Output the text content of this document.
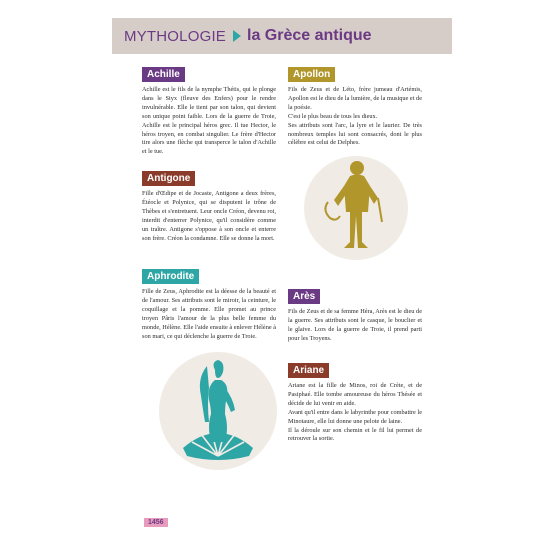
MYTHOLOGIE la Grèce antique
Achille
Achille est le fils de la nymphe Thétis, qui le plonge dans le Styx (fleuve des Enfers) pour le rendre invulnérable. Elle le tient par son talon, qui devient son unique point faible. Lors de la guerre de Troie, Achille est le principal héros grec. Il tue Hector, le héros troyen, en combat singulier. Le frère d'Hector tire alors une flèche qui transperce le talon d'Achille et le tue.
Antigone
Fille d'Œdipe et de Jocaste, Antigone a deux frères, Étéocle et Polynice, qui se disputent le trône de Thèbes et s'entretuent. Leur oncle Créon, devenu roi, interdit d'enterrer Polynice, qu'il considère comme un traître. Antigone s'oppose à son oncle et enterre son frère. Créon la condamne. Elle se donne la mort.
Aphrodite
Fille de Zeus, Aphrodite est la déesse de la beauté et de l'amour. Ses attributs sont le miroir, la ceinture, le coquillage et la pomme. Elle promet au prince troyen Pâris l'amour de la plus belle femme du monde, Hélène. Elle l'aide ensuite à enlever Hélène à son mari, ce qui déclenche la guerre de Troie.
Apollon

Fils de Zeus et de Léto, frère jumeau d'Artémis, Apollon est le dieu de la lumière, de la musique et de la poésie.

C'est le plus beau de tous les dieux.

Ses attributs sont l'arc, la lyre et le laurier. De très nombreux temples lui sont consacrés, dont le plus célèbre est celui de Delphes.

Arès
Fils de Zeus et de sa femme Héra, Arès est le dieu de la guerre. Ses attributs sont le casque, le bouclier et le glaive. Lors de la guerre de Troie, il prend parti pour les Troyens.
Ariane

Ariane est la fille de Minos, roi de Crète, et de Pasiphaé. Elle tombe amoureuse du héros Thésée et décide de lui venir en aide.

Avant qu'il entre dans le labyrinthe pour combattre le Minotaure, elle lui donne une pelote de laine.

Il la déroule sur son chemin et le fil lui permet de retrouver la sortie.

1456
